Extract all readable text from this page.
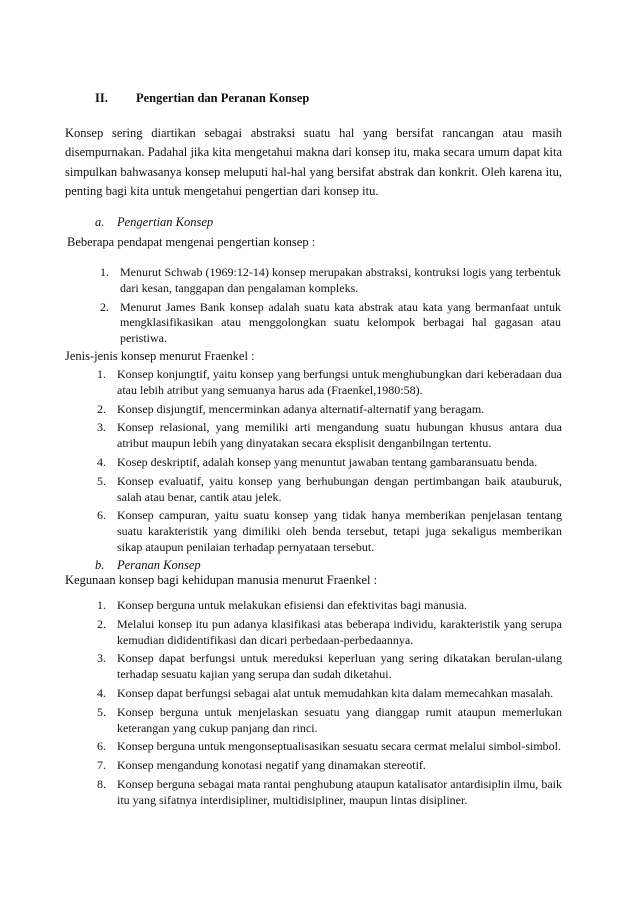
II. Pengertian dan Peranan Konsep

Konsep sering diartikan sebagai abstraksi suatu hal yang bersifat rancangan atau masih disempurnakan. Padahal jika kita mengetahui makna dari konsep itu, maka secara umum dapat kita simpulkan bahwasanya konsep meluputi hal-hal yang bersifat abstrak dan konkrit. Oleh karena itu, penting bagi kita untuk mengetahui pengertian dari konsep itu.

a. Pengertian Konsep

Beberapa pendapat mengenai pengertian konsep :

1. Menurut Schwab (1969:12-14) konsep merupakan abstraksi, kontruksi logis yang terbentuk dari kesan, tanggapan dan pengalaman kompleks.
2. Menurut James Bank konsep adalah suatu kata abstrak atau kata yang bermanfaat untuk mengklasifikasikan atau menggolongkan suatu kelompok berbagai hal gagasan atau peristiwa.

Jenis-jenis konsep menurut Fraenkel :

1. Konsep konjungtif, yaitu konsep yang berfungsi untuk menghubungkan dari keberadaan dua atau lebih atribut yang semuanya harus ada (Fraenkel,1980:58).
2. Konsep disjungtif, mencerminkan adanya alternatif-alternatif yang beragam.
3. Konsep relasional, yang memiliki arti mengandung suatu hubungan khusus antara dua atribut maupun lebih yang dinyatakan secara eksplisit denganbilngan tertentu.
4. Kosep deskriptif, adalah konsep yang menuntut jawaban tentang gambaransuatu benda.
5. Konsep evaluatif, yaitu konsep yang berhubungan dengan pertimbangan baik atauburuk, salah atau benar, cantik atau jelek.
6. Konsep campuran, yaitu suatu konsep yang tidak hanya memberikan penjelasan tentang suatu karakteristik yang dimiliki oleh benda tersebut, tetapi juga sekaligus memberikan sikap ataupun penilaian terhadap pernyataan tersebut.
b. Peranan Konsep

Kegunaan konsep bagi kehidupan manusia menurut Fraenkel :

1. Konsep berguna untuk melakukan efisiensi dan efektivitas bagi manusia.
2. Melalui konsep itu pun adanya klasifikasi atas beberapa individu, karakteristik yang serupa kemudian dididentifikasi dan dicari perbedaan-perbedaannya.
3. Konsep dapat berfungsi untuk mereduksi keperluan yang sering dikatakan berulan-ulang terhadap sesuatu kajian yang serupa dan sudah diketahui.
4. Konsep dapat berfungsi sebagai alat untuk memudahkan kita dalam memecahkan masalah.
5. Konsep berguna untuk menjelaskan sesuatu yang dianggap rumit ataupun memerlukan keterangan yang cukup panjang dan rinci.
6. Konsep berguna untuk mengonseptualisasikan sesuatu secara cermat melalui simbol-simbol.
7. Konsep mengandung konotasi negatif yang dinamakan stereotif.
8. Konsep berguna sebagai mata rantai penghubung ataupun katalisator antardisiplin ilmu, baik itu yang sifatnya interdisipliner, multidisipliner, maupun lintas disipliner.
